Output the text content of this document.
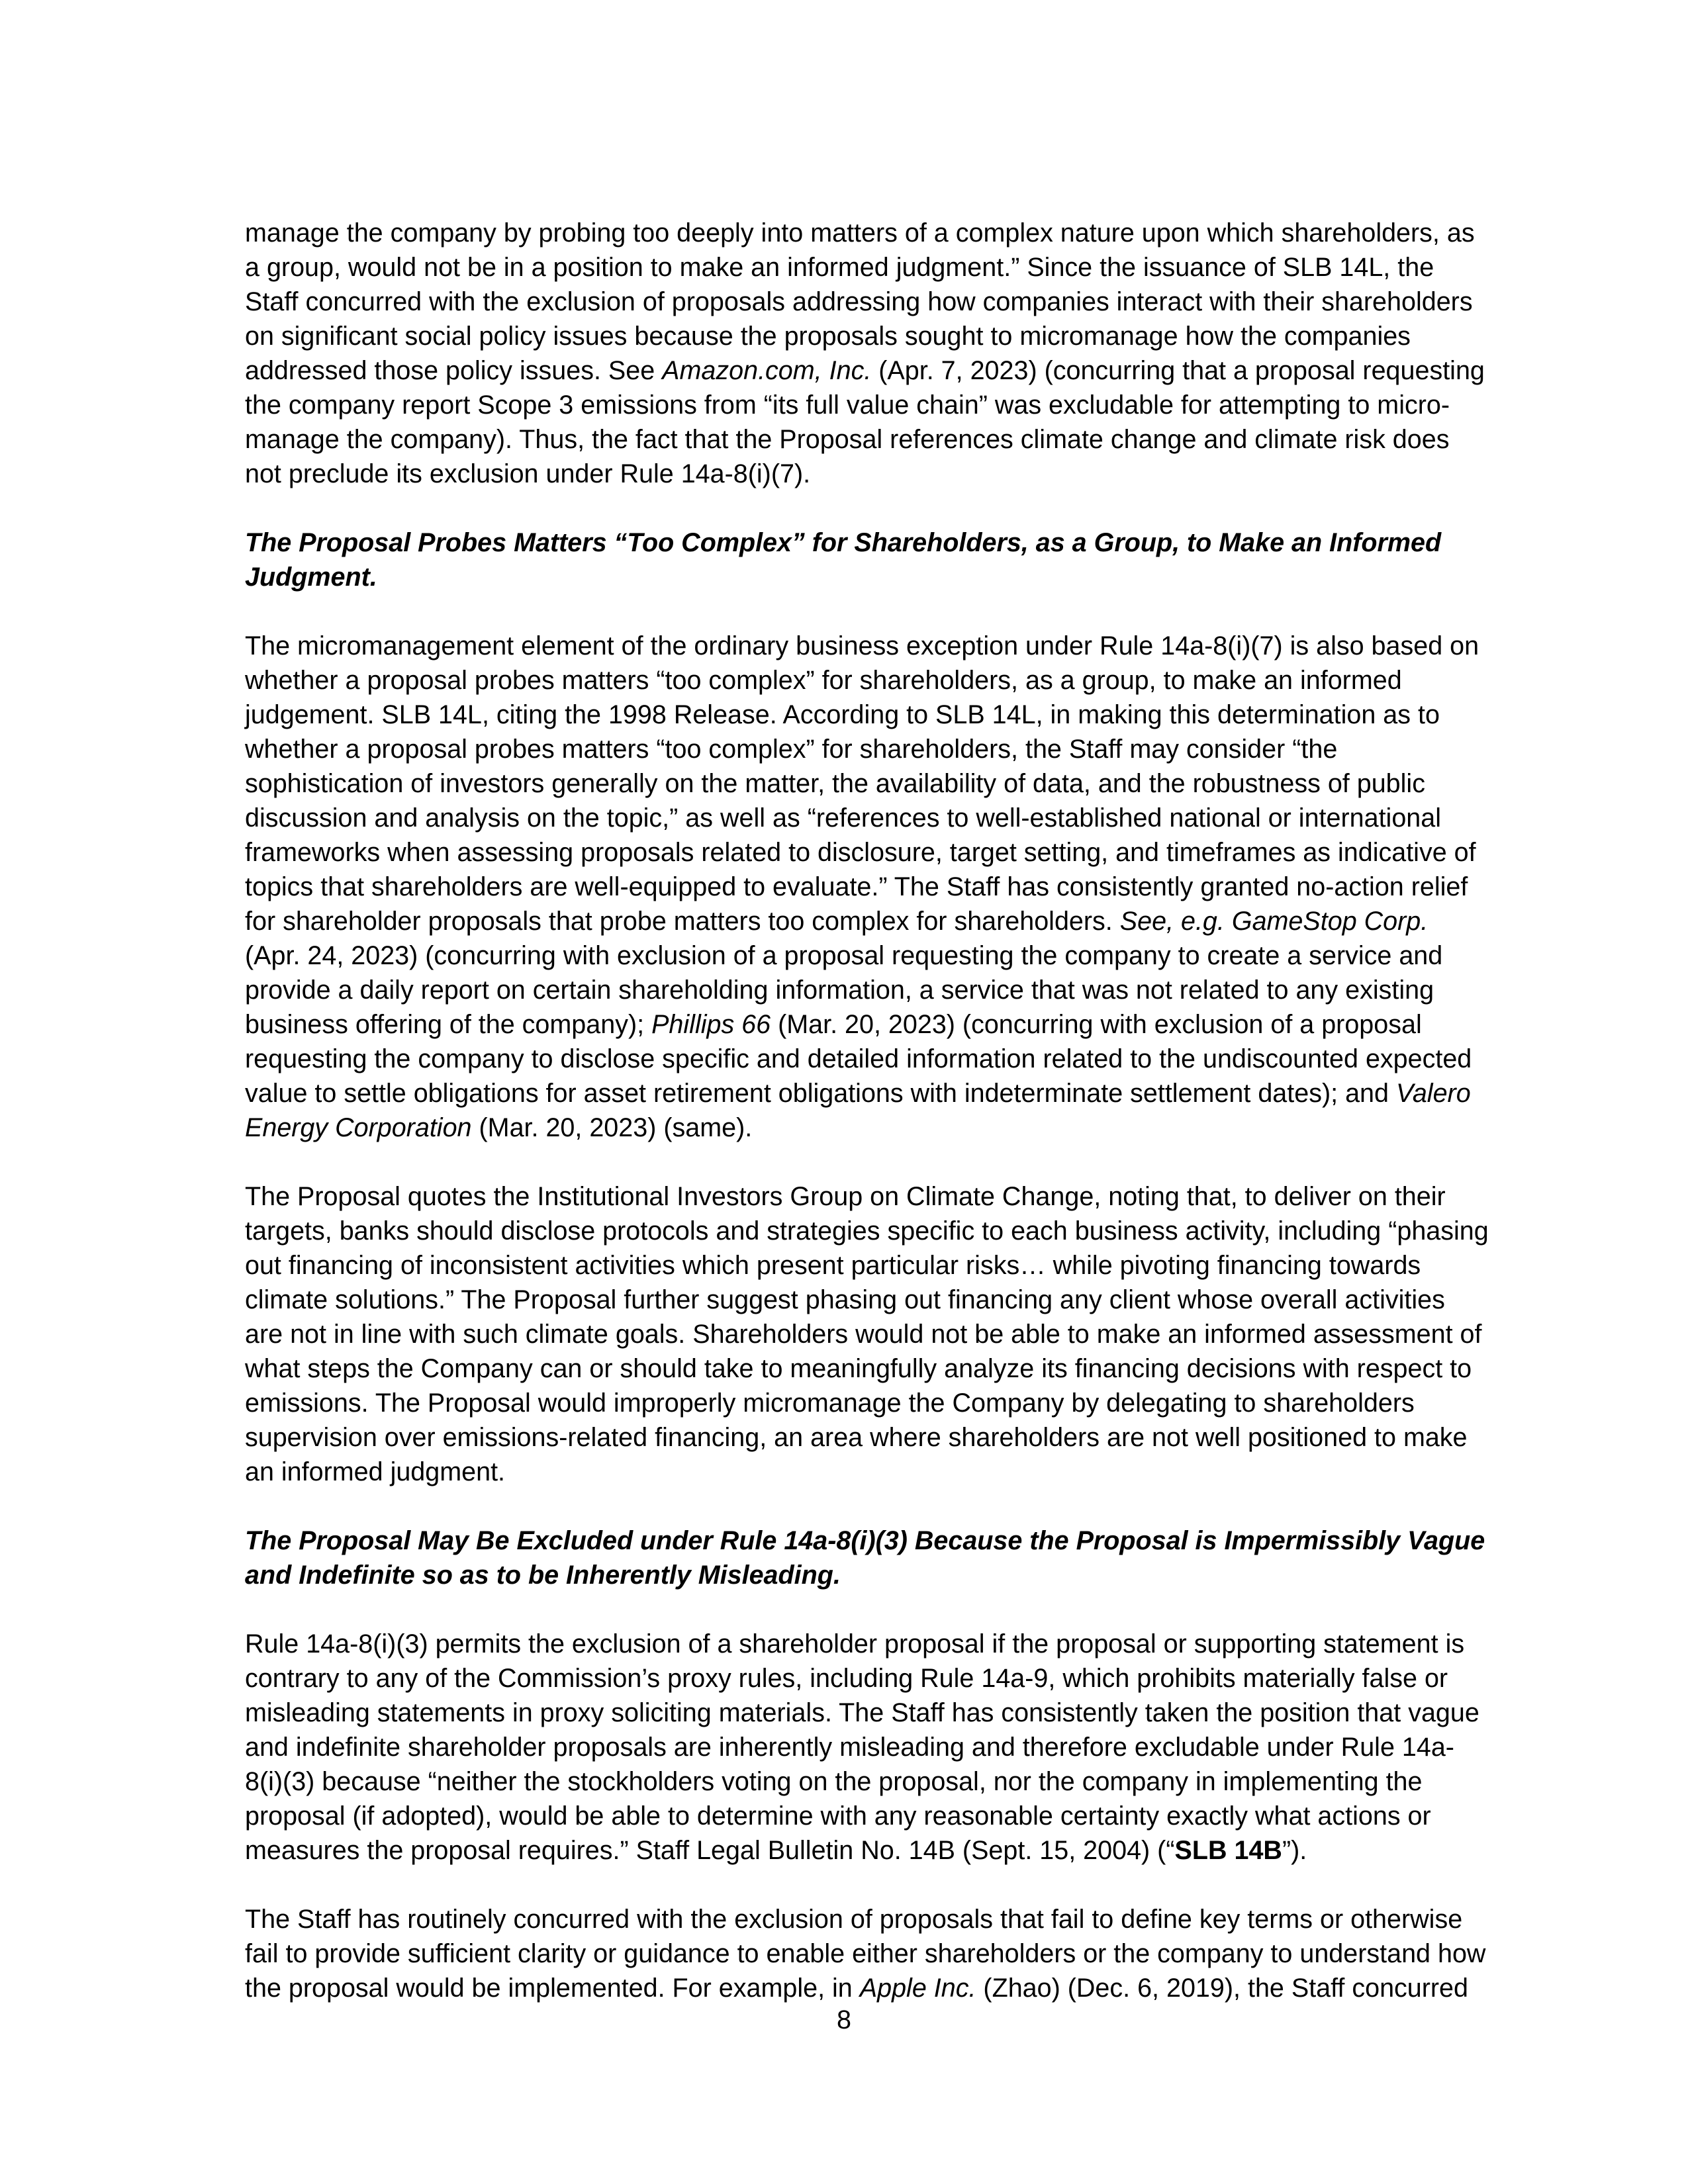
manage the company by probing too deeply into matters of a complex nature upon which shareholders, as
a group, would not be in a position to make an informed judgment.” Since the issuance of SLB 14L, the
Staff concurred with the exclusion of proposals addressing how companies interact with their shareholders
on significant social policy issues because the proposals sought to micromanage how the companies
addressed those policy issues. See Amazon.com, Inc. (Apr. 7, 2023) (concurring that a proposal requesting
the company report Scope 3 emissions from “its full value chain” was excludable for attempting to micro-
manage the company). Thus, the fact that the Proposal references climate change and climate risk does
not preclude its exclusion under Rule 14a-8(i)(7).

The Proposal Probes Matters “Too Complex” for Shareholders, as a Group, to Make an Informed
Judgment.

The micromanagement element of the ordinary business exception under Rule 14a-8(i)(7) is also based on
whether a proposal probes matters “too complex” for shareholders, as a group, to make an informed
judgement. SLB 14L, citing the 1998 Release. According to SLB 14L, in making this determination as to
whether a proposal probes matters “too complex” for shareholders, the Staff may consider “the
sophistication of investors generally on the matter, the availability of data, and the robustness of public
discussion and analysis on the topic,” as well as “references to well-established national or international
frameworks when assessing proposals related to disclosure, target setting, and timeframes as indicative of
topics that shareholders are well-equipped to evaluate.” The Staff has consistently granted no-action relief
for shareholder proposals that probe matters too complex for shareholders. See, e.g. GameStop Corp.
(Apr. 24, 2023) (concurring with exclusion of a proposal requesting the company to create a service and
provide a daily report on certain shareholding information, a service that was not related to any existing
business offering of the company); Phillips 66 (Mar. 20, 2023) (concurring with exclusion of a proposal
requesting the company to disclose specific and detailed information related to the undiscounted expected
value to settle obligations for asset retirement obligations with indeterminate settlement dates); and Valero
Energy Corporation (Mar. 20, 2023) (same).

The Proposal quotes the Institutional Investors Group on Climate Change, noting that, to deliver on their
targets, banks should disclose protocols and strategies specific to each business activity, including “phasing
out financing of inconsistent activities which present particular risks… while pivoting financing towards
climate solutions.” The Proposal further suggest phasing out financing any client whose overall activities
are not in line with such climate goals. Shareholders would not be able to make an informed assessment of
what steps the Company can or should take to meaningfully analyze its financing decisions with respect to
emissions. The Proposal would improperly micromanage the Company by delegating to shareholders
supervision over emissions-related financing, an area where shareholders are not well positioned to make
an informed judgment.

The Proposal May Be Excluded under Rule 14a-8(i)(3) Because the Proposal is Impermissibly Vague
and Indefinite so as to be Inherently Misleading.

Rule 14a-8(i)(3) permits the exclusion of a shareholder proposal if the proposal or supporting statement is
contrary to any of the Commission’s proxy rules, including Rule 14a-9, which prohibits materially false or
misleading statements in proxy soliciting materials. The Staff has consistently taken the position that vague
and indefinite shareholder proposals are inherently misleading and therefore excludable under Rule 14a-
8(i)(3) because “neither the stockholders voting on the proposal, nor the company in implementing the
proposal (if adopted), would be able to determine with any reasonable certainty exactly what actions or
measures the proposal requires.” Staff Legal Bulletin No. 14B (Sept. 15, 2004) (“SLB 14B”).

The Staff has routinely concurred with the exclusion of proposals that fail to define key terms or otherwise
fail to provide sufficient clarity or guidance to enable either shareholders or the company to understand how
the proposal would be implemented. For example, in Apple Inc. (Zhao) (Dec. 6, 2019), the Staff concurred

8
